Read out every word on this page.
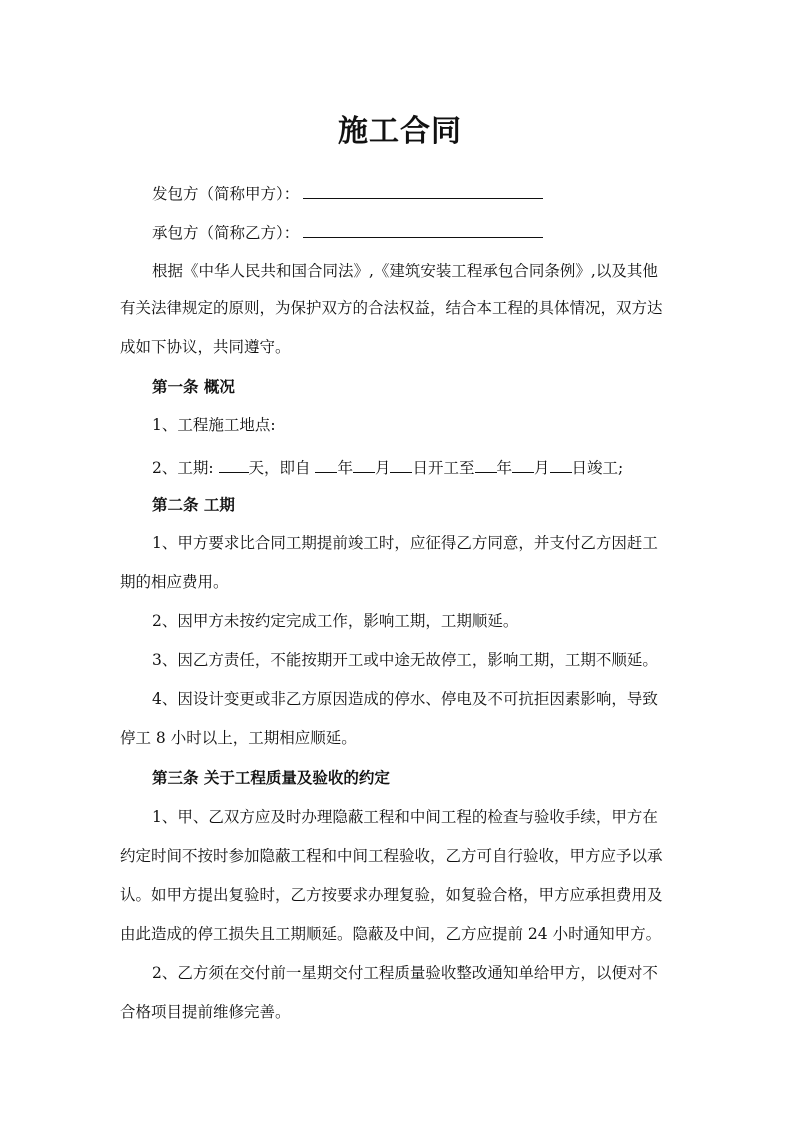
施工合同
发包方（简称甲方）：
承包方（简称乙方）：
根据《中华人民共和国合同法》,《建筑安装工程承包合同条例》,以及其他
有关法律规定的原则，为保护双方的合法权益，结合本工程的具体情况，双方达
成如下协议，共同遵守。
第一条 概况
1、工程施工地点:
2、工期: 天，即自 年 月 日开工至 年 月 日竣工;
第二条 工期
1、甲方要求比合同工期提前竣工时，应征得乙方同意，并支付乙方因赶工
期的相应费用。
2、因甲方未按约定完成工作，影响工期，工期顺延。
3、因乙方责任，不能按期开工或中途无故停工，影响工期，工期不顺延。
4、因设计变更或非乙方原因造成的停水、停电及不可抗拒因素影响，导致
停工 8 小时以上，工期相应顺延。
第三条 关于工程质量及验收的约定
1、甲、乙双方应及时办理隐蔽工程和中间工程的检查与验收手续，甲方在
约定时间不按时参加隐蔽工程和中间工程验收，乙方可自行验收，甲方应予以承
认。如甲方提出复验时，乙方按要求办理复验，如复验合格，甲方应承担费用及
由此造成的停工损失且工期顺延。隐蔽及中间，乙方应提前 24 小时通知甲方。
2、乙方须在交付前一星期交付工程质量验收整改通知单给甲方，以便对不
合格项目提前维修完善。
